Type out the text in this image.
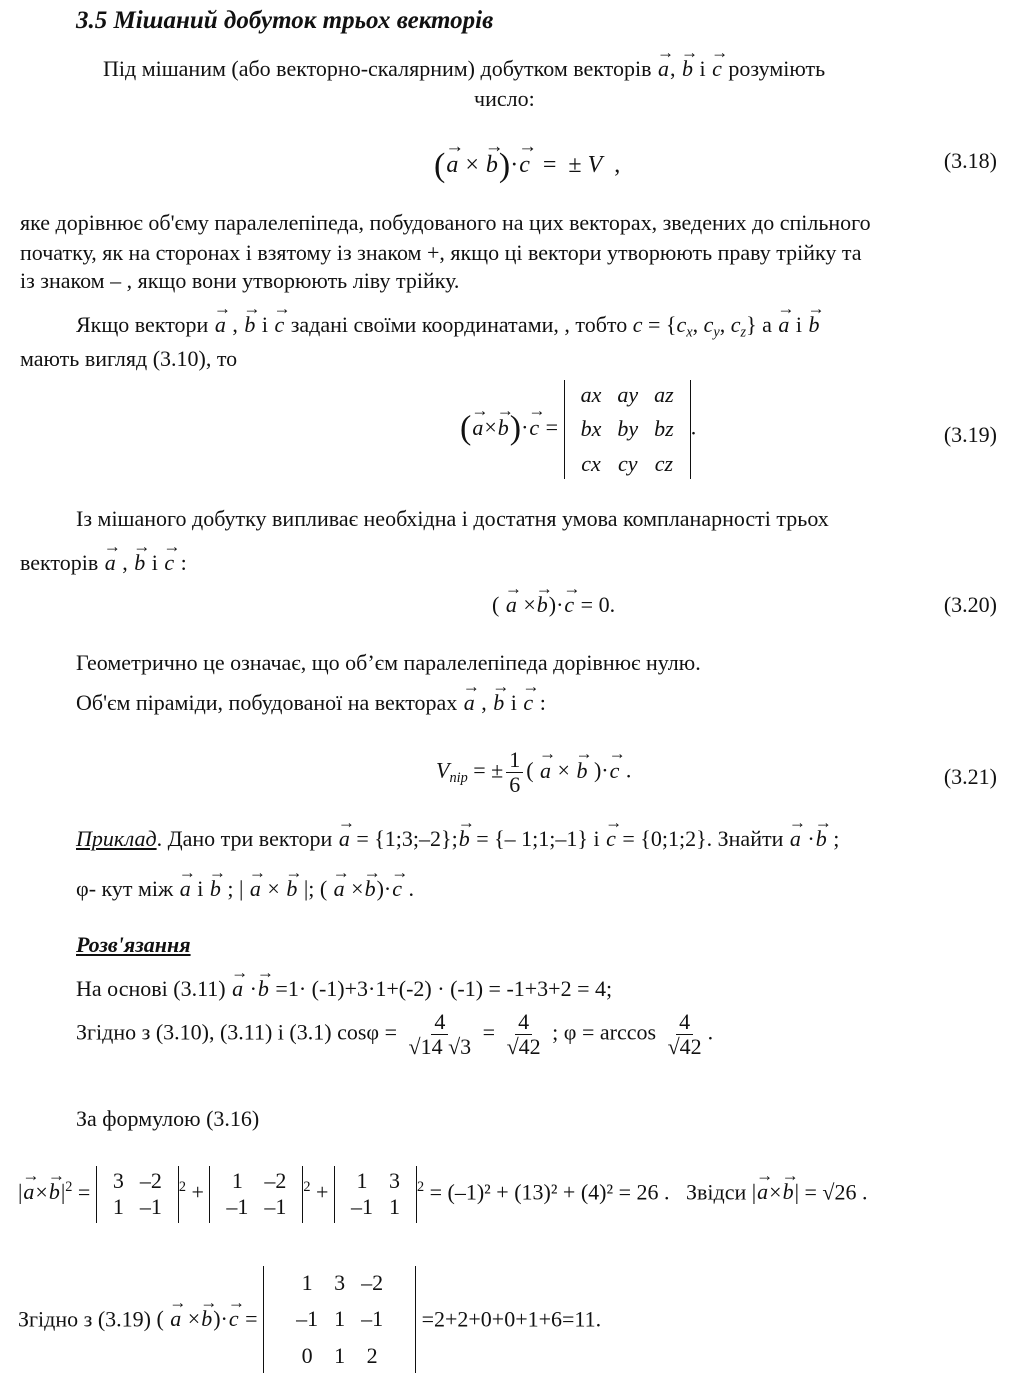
3.5 Мішаний добуток трьох векторів
Під мішаним (або векторно-скалярним) добутком векторів → a, → b і → c розуміють
число:
(→ a × → b)·→ c  =  ± V  ,	(3.18)
яке дорівнює об'єму паралелепіпеда, побудованого на цих векторах, зведених до спільного
початку, як на сторонах і взятому із знаком +, якщо ці вектори утворюють праву трійку та
із знаком – , якщо вони утворюють ліву трійку.
Якщо вектори → a , → b і → c задані своїми координатами, , тобто $c = \{c_x$, $c_y$, $c_z$} а → a і → b
мають вигляд (3.10), то
(→ a×→ b)·→ c =
ax ay az
bx by bz
cx cy cz
.	(3.19)
Із мішаного добутку випливає необхідна і достатня умова компланарності трьох
векторів → a , → b і → c :
( → a ×→ b)·→ c = 0.	(3.20)
Геометрично це означає, що об’єм паралелепіпеда дорівнює нулю.
Об'єм піраміди, побудованої на векторах → a , → b і → c :
$V_{пір}$ = ± $\frac{1}{6}$ ( → a × → b )·→ c .	(3.21)
Приклад. Дано три вектори → a = {1;3;–2};→ b = {– 1;1;–1} і → c = {0;1;2}. Знайти → a ·→ b ;
φ- кут між → a і → b ; | → a × → b |; ( → a ×→ b)·→ c .
Розв'язання
На основі (3.11) → a ·→ b =1· (-1)+3·1+(-2) · (-1) = -1+3+2 = 4;
Згідно з (3.10), (3.11) і (3.1) $\cos\varphi = \frac{4}{√14 √3} = \frac{4}{√42}$ ; $\varphi = \arccos \frac{4}{√42}$ .
За формулою (3.16)
|→ $a\times\to b|^2 = 3$ –2
1 –1
$^2$ +	1 –2
–1 –1
$^2$ +	1 3
–1 1
$^2$ = (–1)² + (13)² + (4)² = 26 . Звідси |→ a×→ b| = √26 .
Згідно з (3.19) ( → a ×→ b)·→ c =
1 3 –2
–1 1 –1
0 1 2
=2+2+0+0+1+6=11.
